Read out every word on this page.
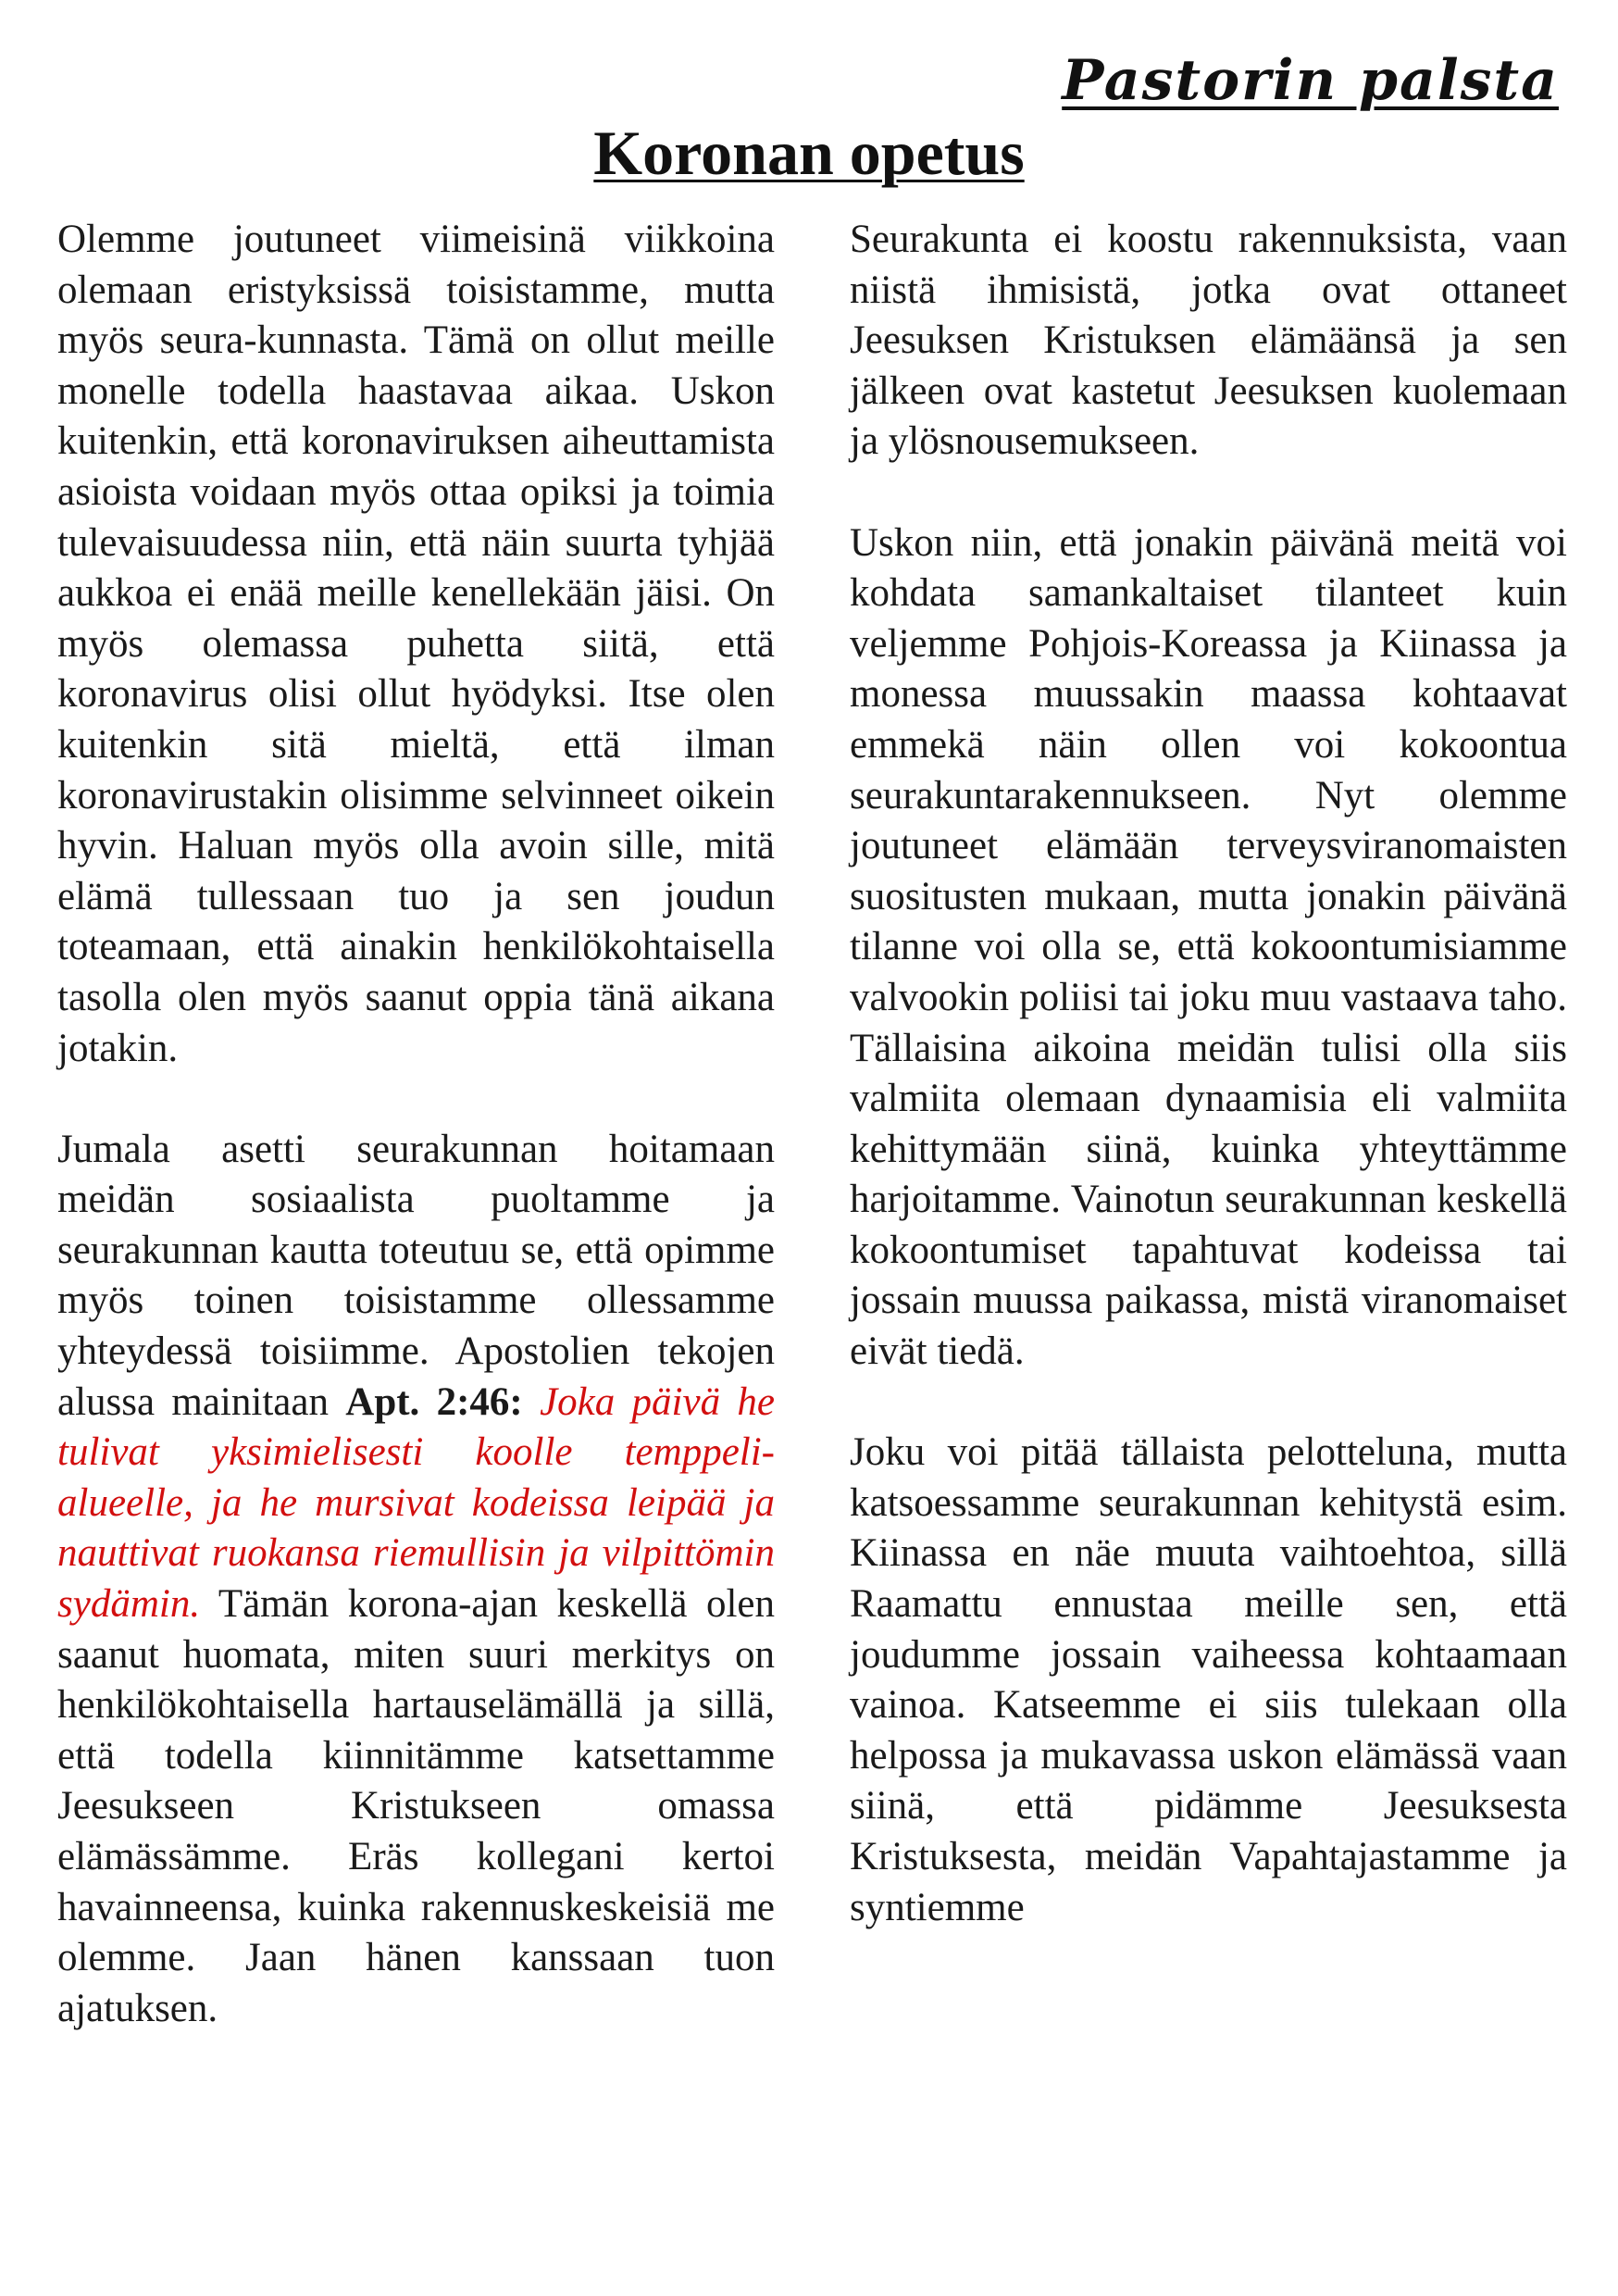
Pastorin palsta
Koronan opetus

Olemme joutuneet viimeisinä viikkoina olemaan eristyksissä toisistamme, mutta myös seura-kunnasta. Tämä on ollut meille monelle todella haastavaa aikaa. Uskon kuitenkin, että koronaviruksen aiheuttamista asioista voidaan myös ottaa opiksi ja toimia tulevaisuudessa niin, että näin suurta tyhjää aukkoa ei enää meille kenellekään jäisi. On myös olemassa puhetta siitä, että koronavirus olisi ollut hyödyksi. Itse olen kuitenkin sitä mieltä, että ilman koronavirustakin olisimme selvinneet oikein hyvin. Haluan myös olla avoin sille, mitä elämä tullessaan tuo ja sen joudun toteamaan, että ainakin henkilökohtaisella tasolla olen myös saanut oppia tänä aikana jotakin.

Jumala asetti seurakunnan hoitamaan meidän sosiaalista puoltamme ja seurakunnan kautta toteutuu se, että opimme myös toinen toisistamme ollessamme yhteydessä toisiimme. Apostolien tekojen alussa mainitaan Apt. 2:46: Joka päivä he tulivat yksimielisesti koolle temppeli-alueelle, ja he mursivat kodeissa leipää ja nauttivat ruokansa riemullisin ja vilpittömin sydämin. Tämän korona-ajan keskellä olen saanut huomata, miten suuri merkitys on henkilökohtaisella hartauselämällä ja sillä, että todella kiinnitämme katsettamme Jeesukseen Kristukseen omassa elämässämme. Eräs kollegani kertoi havainneensa, kuinka rakennuskeskeisiä me olemme. Jaan hänen kanssaan tuon ajatuksen.

Seurakunta ei koostu rakennuksista, vaan niistä ihmisistä, jotka ovat ottaneet Jeesuksen Kristuksen elämäänsä ja sen jälkeen ovat kastetut Jeesuksen kuolemaan ja ylösnousemukseen.

Uskon niin, että jonakin päivänä meitä voi kohdata samankaltaiset tilanteet kuin veljemme Pohjois-Koreassa ja Kiinassa ja monessa muussakin maassa kohtaavat emmekä näin ollen voi kokoontua seurakuntarakennukseen. Nyt olemme joutuneet elämään terveysviranomaisten suositusten mukaan, mutta jonakin päivänä tilanne voi olla se, että kokoontumisiamme valvookin poliisi tai joku muu vastaava taho. Tällaisina aikoina meidän tulisi olla siis valmiita olemaan dynaamisia eli valmiita kehittymään siinä, kuinka yhteyttämme harjoitamme. Vainotun seurakunnan keskellä kokoontumiset tapahtuvat kodeissa tai jossain muussa paikassa, mistä viranomaiset eivät tiedä.

Joku voi pitää tällaista pelotteluna, mutta katsoessamme seurakunnan kehitystä esim. Kiinassa en näe muuta vaihtoehtoa, sillä Raamattu ennustaa meille sen, että joudumme jossain vaiheessa kohtaamaan vainoa. Katseemme ei siis tulekaan olla helpossa ja mukavassa uskon elämässä vaan siinä, että pidämme Jeesuksesta Kristuksesta, meidän Vapahtajastamme ja syntiemme
